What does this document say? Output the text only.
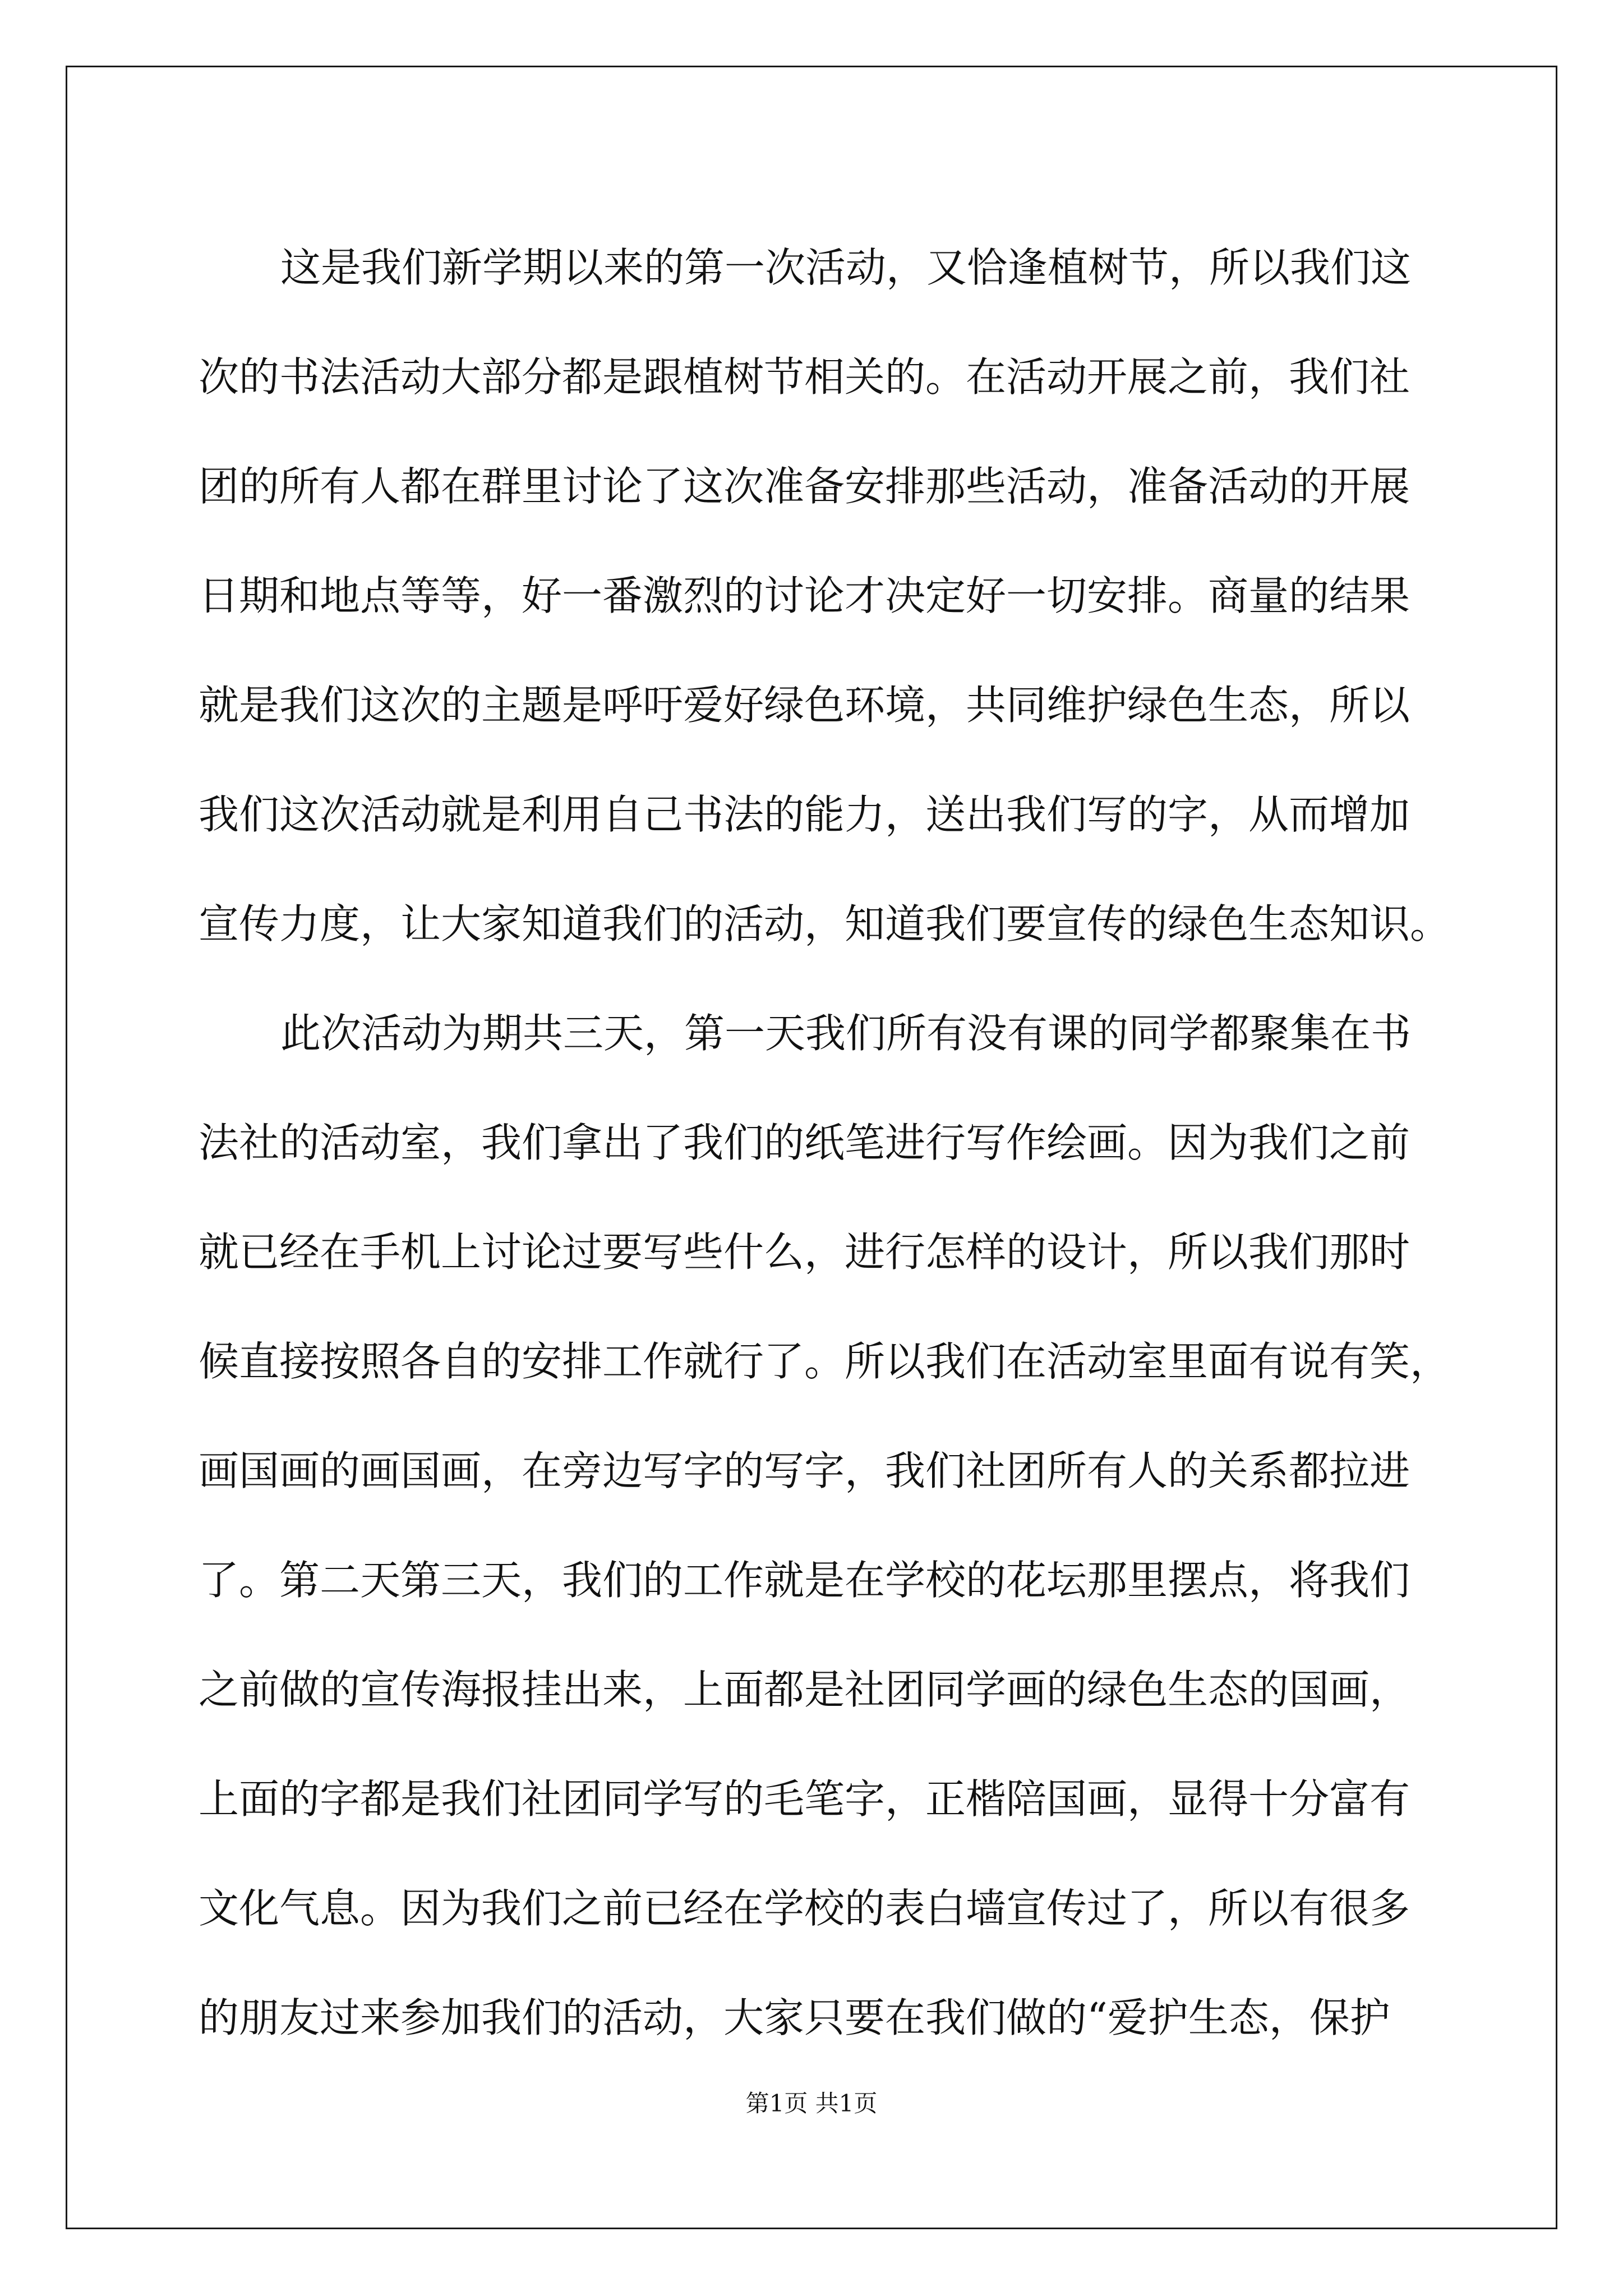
这是我们新学期以来的第一次活动，又恰逢植树节，所以我们这
次的书法活动大部分都是跟植树节相关的。在活动开展之前，我们社
团的所有人都在群里讨论了这次准备安排那些活动，准备活动的开展
日期和地点等等，好一番激烈的讨论才决定好一切安排。商量的结果
就是我们这次的主题是呼吁爱好绿色环境，共同维护绿色生态，所以
我们这次活动就是利用自己书法的能力，送出我们写的字，从而增加
宣传力度，让大家知道我们的活动，知道我们要宣传的绿色生态知识。
此次活动为期共三天，第一天我们所有没有课的同学都聚集在书
法社的活动室，我们拿出了我们的纸笔进行写作绘画。因为我们之前
就已经在手机上讨论过要写些什么，进行怎样的设计，所以我们那时
候直接按照各自的安排工作就行了。所以我们在活动室里面有说有笑，
画国画的画国画，在旁边写字的写字，我们社团所有人的关系都拉进
了。第二天第三天，我们的工作就是在学校的花坛那里摆点，将我们
之前做的宣传海报挂出来，上面都是社团同学画的绿色生态的国画，
上面的字都是我们社团同学写的毛笔字，正楷陪国画，显得十分富有
文化气息。因为我们之前已经在学校的表白墙宣传过了，所以有很多
的朋友过来参加我们的活动，大家只要在我们做的“爱护生态，保护
第1页 共1页
